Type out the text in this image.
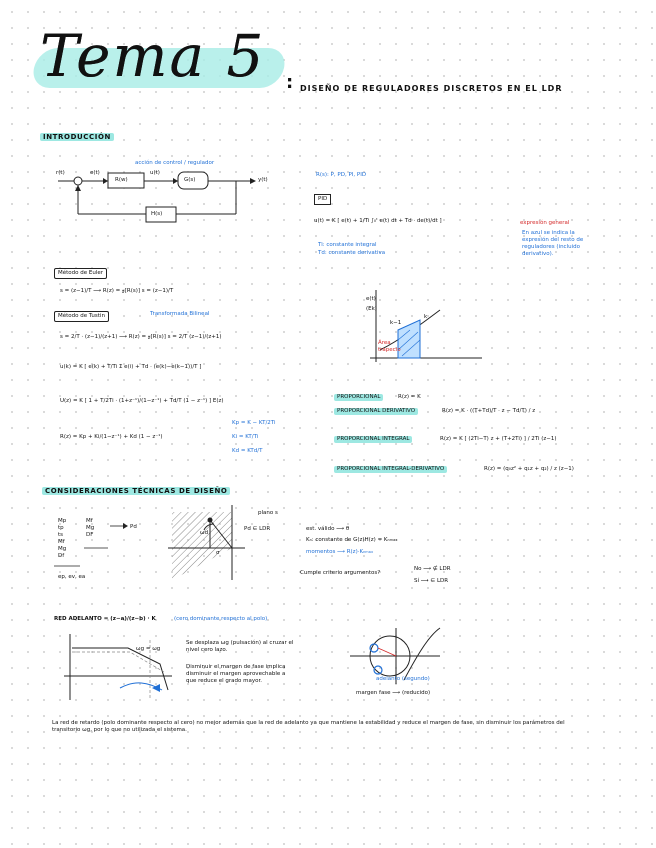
Tema 5 : DISEÑO DE REGULADORES DISCRETOS EN EL LDR
INTRODUCCIÓN
acción de control / regulador
r(t)	e(t)
R(w)
u(t)
G(s)	y(t)
H(s)
R(s): P, PD, PI, PID
PID
u(t) = K [ e(t) + 1/Ti ∫₀ᵗ e(t) dt + Td · de(t)/dt ]
Ti: constante integral
Td: constante derivativa
expresión general
En azul se indica la expresión del resto de reguladores (incluido derivativo).
Método de Euler
s = (z−1)/T ⟶ R(z) = 𝔃[R(s)] s = (z−1)/T
Método de Tustin	Transformada Bilineal
s = 2/T · (z−1)/(z+1) ⟶ R(z) = 𝔃[R(s)] s = 2/T (z−1)/(z+1)
u(k) = K [ e(k) + T/Ti Σ e(i) + Td · (e(k)−e(k−1))/T ]
U(z) = K [ 1 + T/2Ti · (1+z⁻¹)/(1−z⁻¹) + Td/T (1 − z⁻¹) ] E(z)
R(z) = Kp + Ki/(1−z⁻¹) + Kd (1 − z⁻¹)
Kp = K − KT/2Ti
Ki = KT/Ti
Kd = KTd/T
e(t)
(Ek)
k−1
k
Área trapecio
PROPORCIONAL	R(z) = K
PROPORCIONAL DERIVATIVO	R(z) = K · ((T+Td)/T · z − Td/T) / z
PROPORCIONAL INTEGRAL	R(z) = K [ (2Ti−T) z + (T+2Ti) ] / 2Ti (z−1)
PROPORCIONAL INTEGRAL-DERIVATIVO	R(z) = (q₀z² + q₁z + q₂) / z (z−1)
CONSIDERACIONES TÉCNICAS DE DISEÑO
Mp
tp
ts
Mf
Mg
Df
ep, ev, ea
Mf
Mg
DF
Pd
ωd
σ
plano s
Pd ∈ LDR	est. válido ⟶ θ
Kₙ: constante de G(z)H(z) = Kₙₘₐₓ
momentos ⟶ R(z)·Kₙₘₐₓ
Cumple criterio argumentos?
No ⟶ ∉ LDR
Sí ⟶ ∈ LDR
RED ADELANTO = (z−a)/(z−b) · K	(cero dominante respecto al polo)
ωg = ωg
Se desplaza ωg (pulsación) al cruzar el nivel cero lazo.
Disminuir el margen de fase implica disminuir el margen aprovechable a que reduce el grado mayor.	adelanto (segundo)
margen fase ⟶ (reducido)
La red de retardo (polo dominante respecto al cero) no mejor además que la red de adelanto ya que mantiene la estabilidad y reduce el margen de fase, sin disminuir los parámetros del transitorio ωg, por lo que no utilizada el sistema.
